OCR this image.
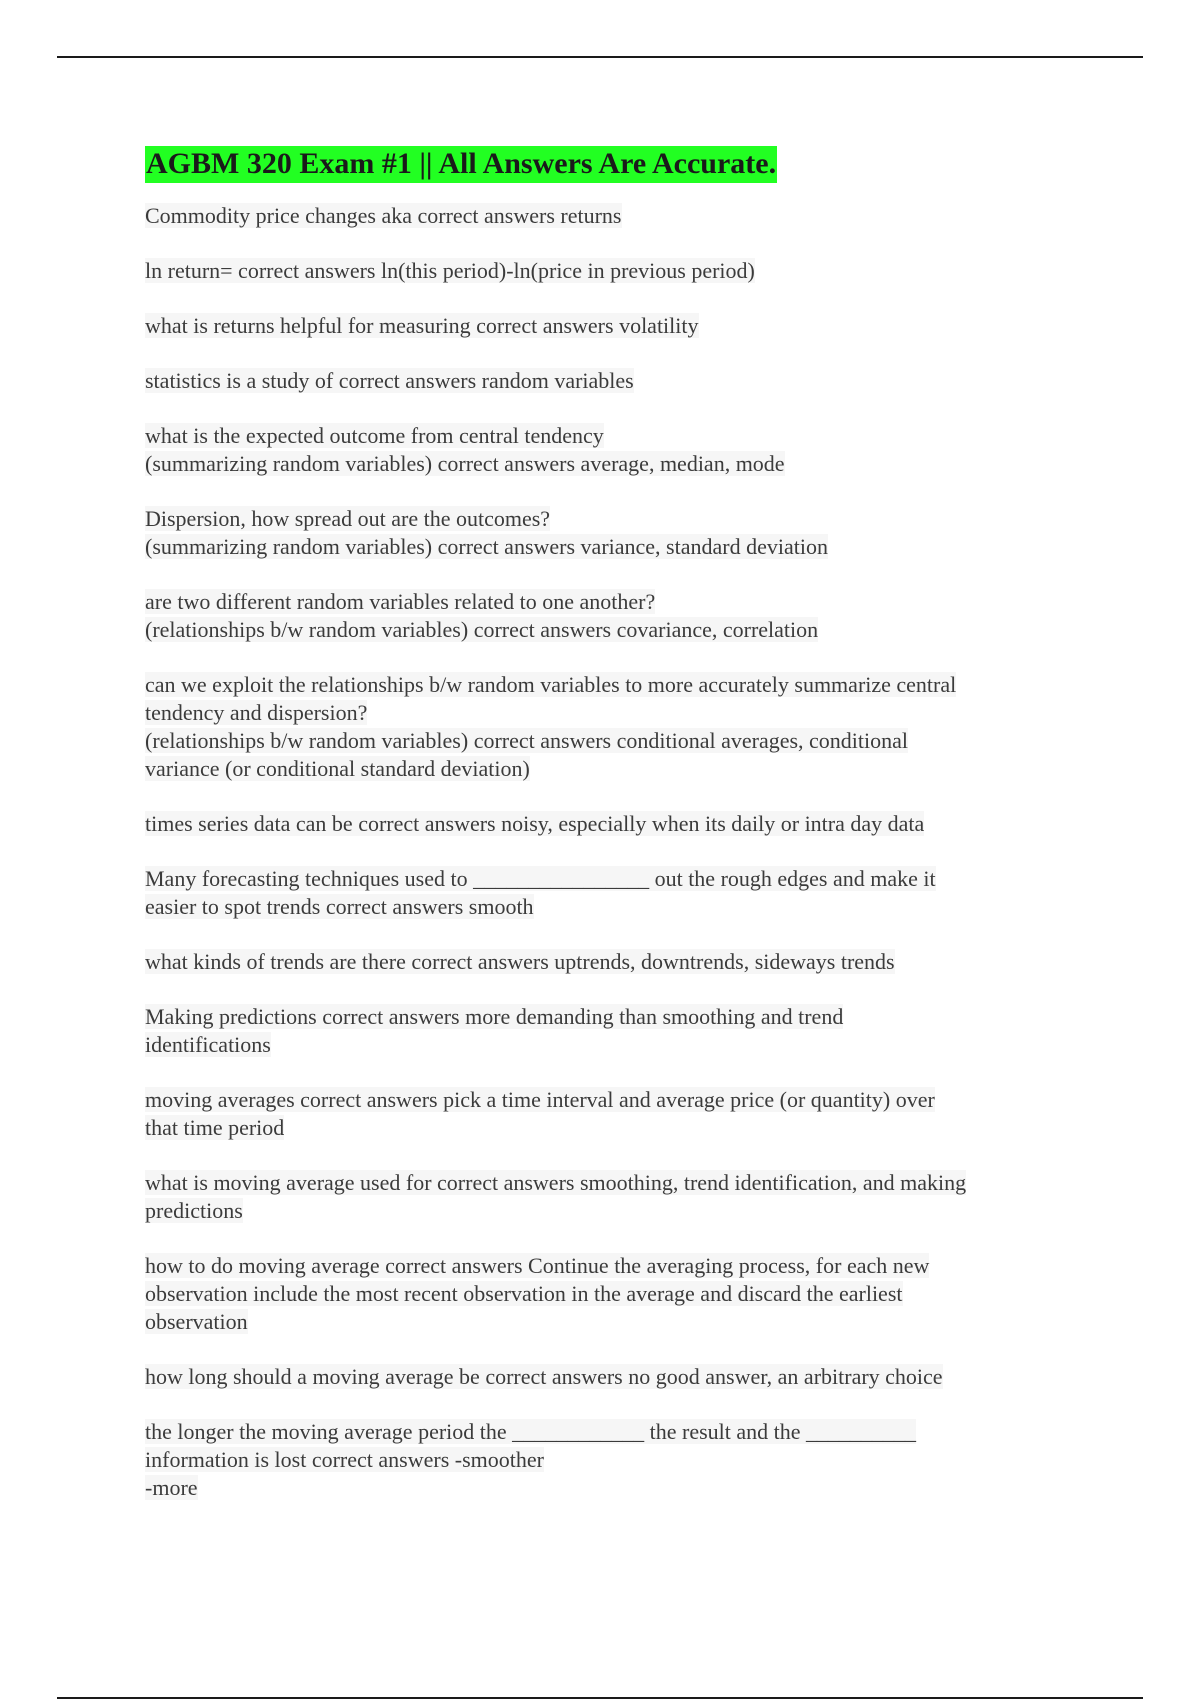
AGBM 320 Exam #1 || All Answers Are Accurate.
Commodity price changes aka correct answers returns
ln return= correct answers ln(this period)-ln(price in previous period)
what is returns helpful for measuring correct answers volatility
statistics is a study of correct answers random variables
what is the expected outcome from central tendency
(summarizing random variables) correct answers average, median, mode
Dispersion, how spread out are the outcomes?
(summarizing random variables) correct answers variance, standard deviation
are two different random variables related to one another?
(relationships b/w random variables) correct answers covariance, correlation
can we exploit the relationships b/w random variables to more accurately summarize central
tendency and dispersion?
(relationships b/w random variables) correct answers conditional averages, conditional
variance (or conditional standard deviation)
times series data can be correct answers noisy, especially when its daily or intra day data
Many forecasting techniques used to ________________ out the rough edges and make it
easier to spot trends correct answers smooth
what kinds of trends are there correct answers uptrends, downtrends, sideways trends
Making predictions correct answers more demanding than smoothing and trend
identifications
moving averages correct answers pick a time interval and average price (or quantity) over
that time period
what is moving average used for correct answers smoothing, trend identification, and making
predictions
how to do moving average correct answers Continue the averaging process, for each new
observation include the most recent observation in the average and discard the earliest
observation
how long should a moving average be correct answers no good answer, an arbitrary choice
the longer the moving average period the ____________ the result and the __________
information is lost correct answers -smoother
-more
